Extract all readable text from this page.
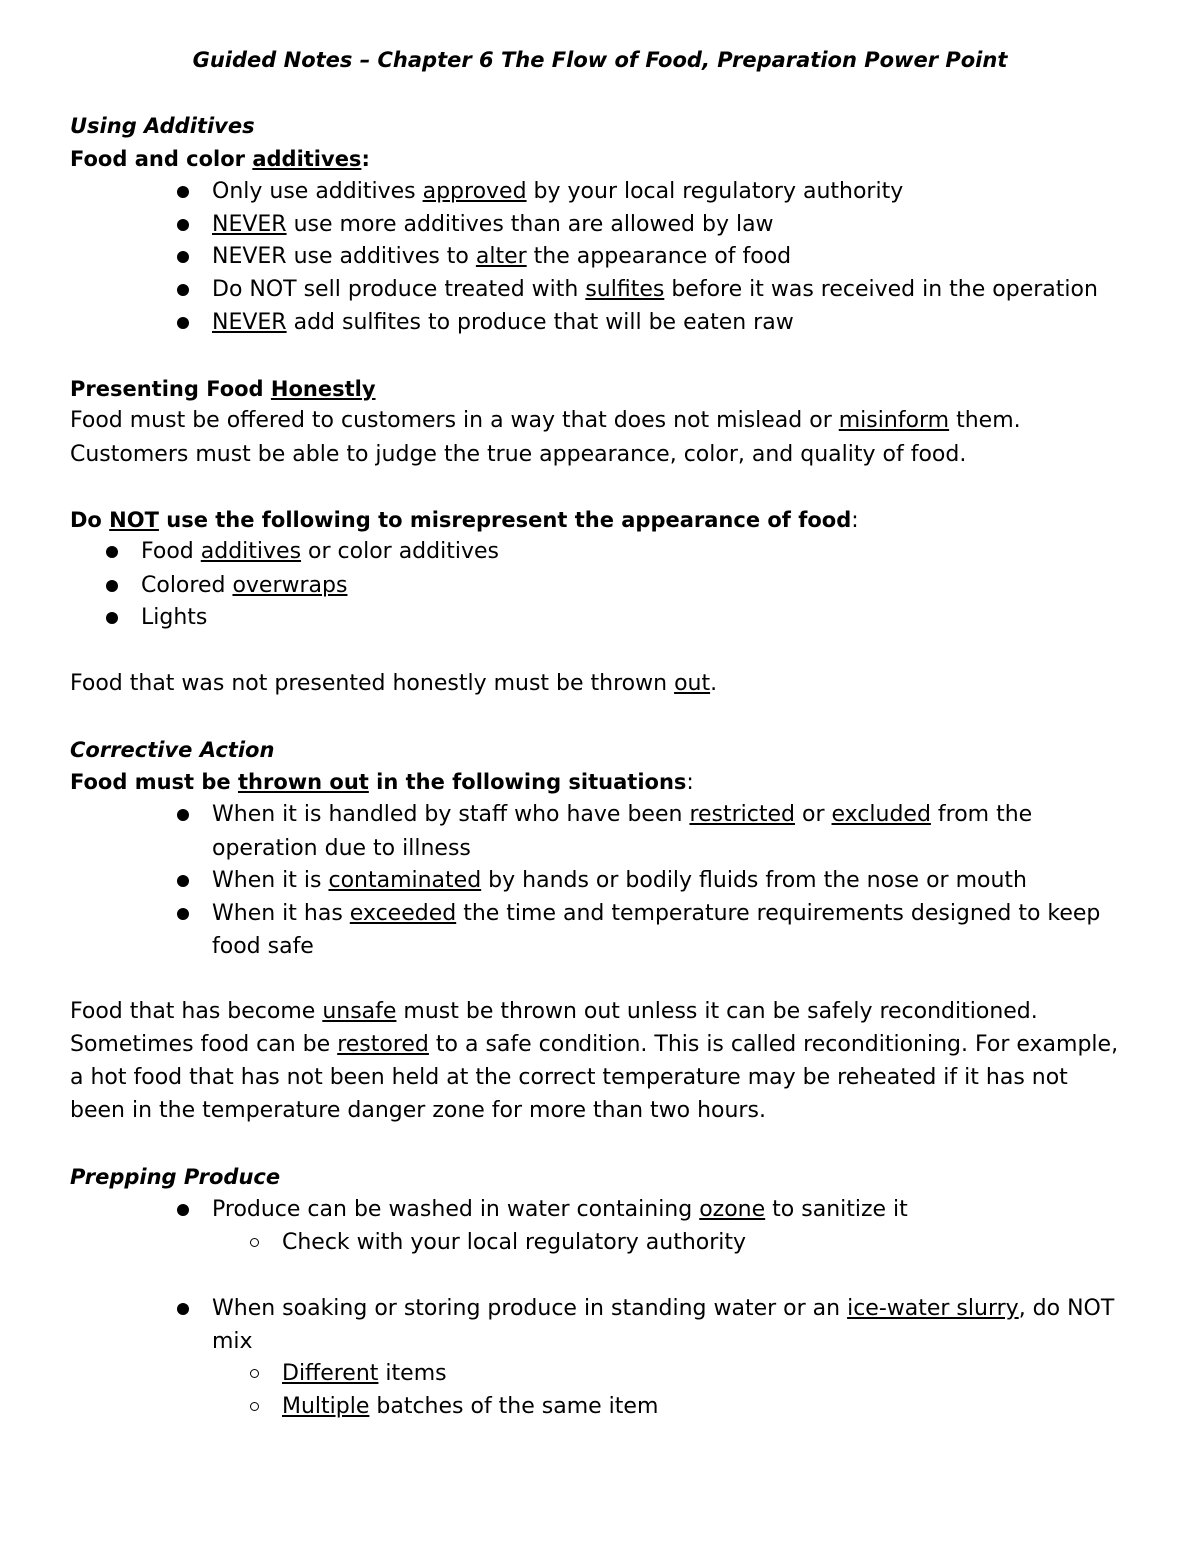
Guided Notes – Chapter 6 The Flow of Food, Preparation Power Point
Using Additives
Food and color additives:
Only use additives approved by your local regulatory authority
NEVER use more additives than are allowed by law
NEVER use additives to alter the appearance of food
Do NOT sell produce treated with sulfites before it was received in the operation
NEVER add sulfites to produce that will be eaten raw
Presenting Food Honestly
Food must be offered to customers in a way that does not mislead or misinform them.
Customers must be able to judge the true appearance, color, and quality of food.
Do NOT use the following to misrepresent the appearance of food:
Food additives or color additives
Colored overwraps
Lights
Food that was not presented honestly must be thrown out.
Corrective Action
Food must be thrown out in the following situations:
When it is handled by staff who have been restricted or excluded from the
operation due to illness
When it is contaminated by hands or bodily fluids from the nose or mouth
When it has exceeded the time and temperature requirements designed to keep
food safe
Food that has become unsafe must be thrown out unless it can be safely reconditioned.
Sometimes food can be restored to a safe condition. This is called reconditioning. For example,
a hot food that has not been held at the correct temperature may be reheated if it has not
been in the temperature danger zone for more than two hours.
Prepping Produce
Produce can be washed in water containing ozone to sanitize it
Check with your local regulatory authority
When soaking or storing produce in standing water or an ice-water slurry, do NOT
mix
Different items
Multiple batches of the same item
